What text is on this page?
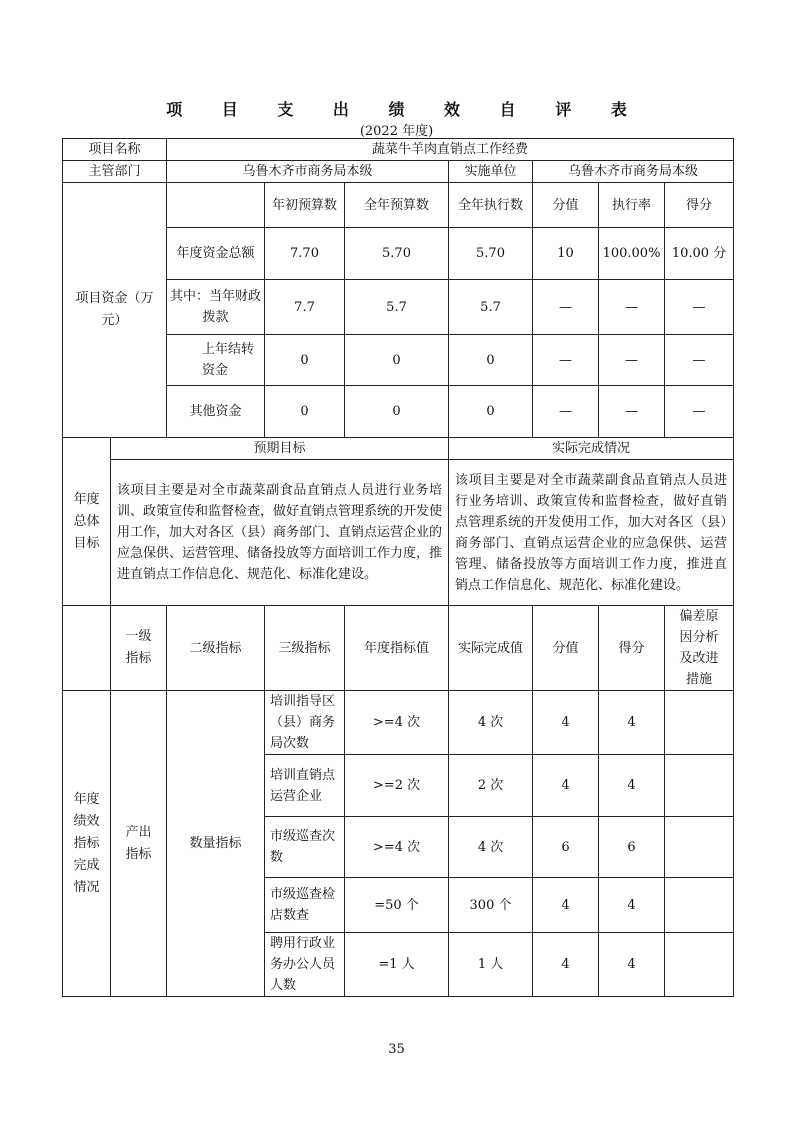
项 目 支 出 绩 效 自 评 表
(2022 年度)
项目名称		蔬菜牛羊肉直销点工作经费						
主管部门		乌鲁木齐市商务局本级			实施单位	乌鲁木齐市商务局本级		

项目资金（万元）			年初预算数	全年预算数	全年执行数	分值	执行率	得分
		年度资金总额	7.70	5.70	5.70	10	100.00%	10.00 分
		其中：当年财政拨款	7.7	5.7	5.7	—	—	—

		上年结转资金	0	0	0	—	—	—
		其他资金	0	0	0	—	—	—

年度总体目标	预期目标				实际完成情况			
	该项目主要是对全市蔬菜副食品直销点人员进行业务培训、政策宣传和监督检查，做好直销点管理系统的开发使用工作，加大对各区（县）商务部门、直销点运营企业的应急保供、运营管理、储备投放等方面培训工作力度，推进直销点工作信息化、规范化、标准化建设。				该项目主要是对全市蔬菜副食品直销点人员进行业务培训、政策宣传和监督检查，做好直销点管理系统的开发使用工作，加大对各区（县）商务部门、直销点运营企业的应急保供、运营管理、储备投放等方面培训工作力度，推进直销点工作信息化、规范化、标准化建设。			

	一级指标	二级指标	三级指标	年度指标值	实际完成值	分值	得分	偏差原因分析及改进措施

年度绩效指标完成情况	产出指标	数量指标	培训指导区（县）商务局次数	>=4 次	4 次	4	4	

			培训直销点运营企业	>=2 次	2 次	4	4	

			市级巡查次数	>=4 次	4 次	6	6	

			市级巡查检店数查	=50 个	300 个	4	4	

			聘用行政业务办公人员人数	=1 人	1 人	4	4	
35
